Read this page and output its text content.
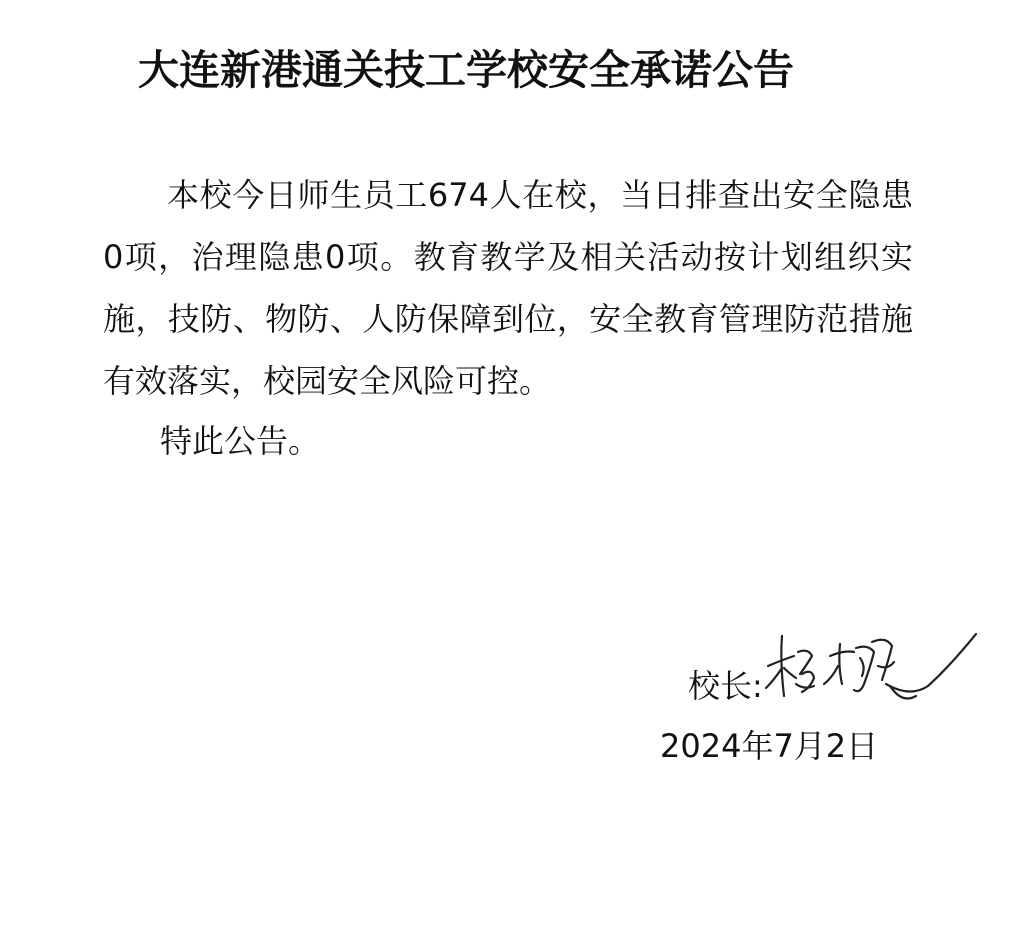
大连新港通关技工学校安全承诺公告

本校今日师生员工674人在校，当日排查出安全隐患0项，治理隐患0项。教育教学及相关活动按计划组织实施，技防、物防、人防保障到位，安全教育管理防范措施有效落实，校园安全风险可控。

特此公告。

校长:
2024年7月2日
